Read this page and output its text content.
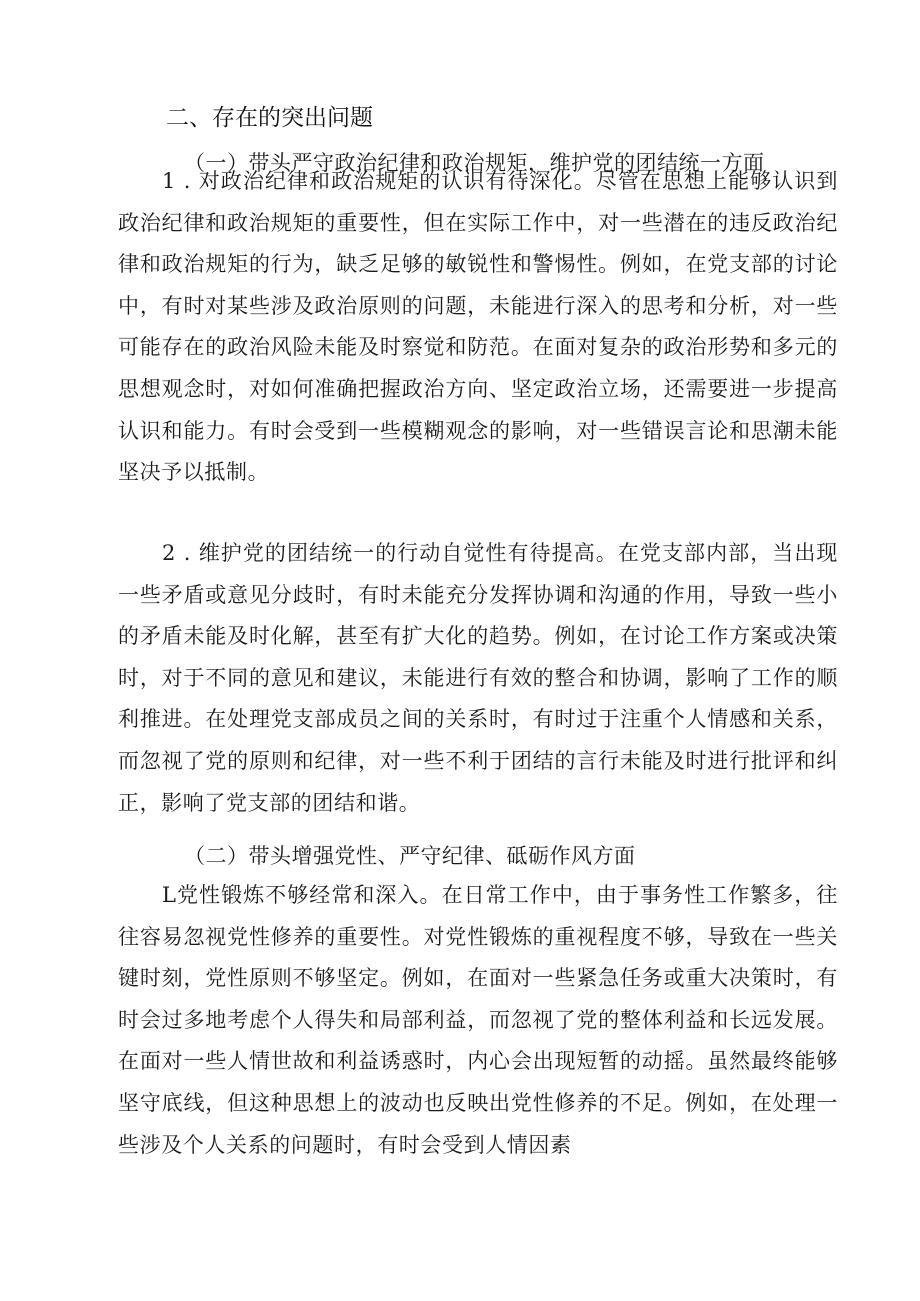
二、存在的突出问题
（一）带头严守政治纪律和政治规矩，维护党的团结统一方面
1 . 对政治纪律和政治规矩的认识有待深化。尽管在思想上能够认识到政治纪律和政治规矩的重要性，但在实际工作中，对一些潜在的违反政治纪律和政治规矩的行为，缺乏足够的敏锐性和警惕性。例如，在党支部的讨论中，有时对某些涉及政治原则的问题，未能进行深入的思考和分析，对一些可能存在的政治风险未能及时察觉和防范。在面对复杂的政治形势和多元的思想观念时，对如何准确把握政治方向、坚定政治立场，还需要进一步提高认识和能力。有时会受到一些模糊观念的影响，对一些错误言论和思潮未能坚决予以抵制。
2 . 维护党的团结统一的行动自觉性有待提高。在党支部内部，当出现一些矛盾或意见分歧时，有时未能充分发挥协调和沟通的作用，导致一些小的矛盾未能及时化解，甚至有扩大化的趋势。例如，在讨论工作方案或决策时，对于不同的意见和建议，未能进行有效的整合和协调，影响了工作的顺利推进。在处理党支部成员之间的关系时，有时过于注重个人情感和关系，而忽视了党的原则和纪律，对一些不利于团结的言行未能及时进行批评和纠正，影响了党支部的团结和谐。
（二）带头增强党性、严守纪律、砥砺作风方面
L党性锻炼不够经常和深入。在日常工作中，由于事务性工作繁多，往往容易忽视党性修养的重要性。对党性锻炼的重视程度不够，导致在一些关键时刻，党性原则不够坚定。例如，在面对一些紧急任务或重大决策时，有时会过多地考虑个人得失和局部利益，而忽视了党的整体利益和长远发展。在面对一些人情世故和利益诱惑时，内心会出现短暂的动摇。虽然最终能够坚守底线，但这种思想上的波动也反映出党性修养的不足。例如，在处理一些涉及个人关系的问题时，有时会受到人情因素
